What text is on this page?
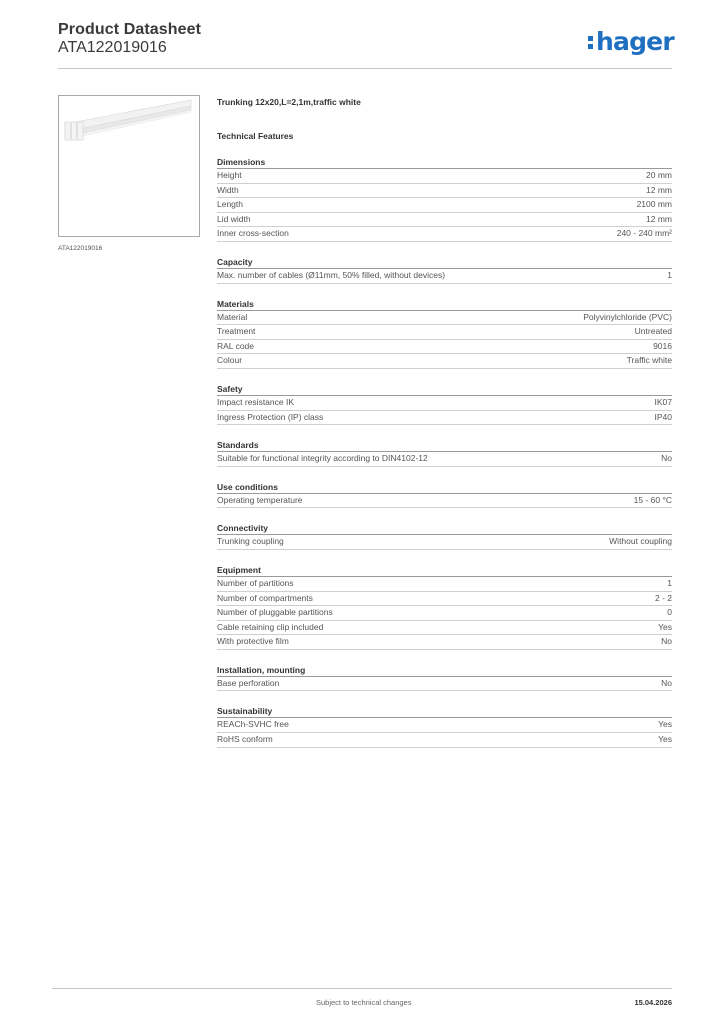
Product Datasheet
ATA122019016	hager
ATA122019016
Trunking 12x20,L=2,1m,traffic white
Technical Features
Dimensions
Height	20 mm
Width	12 mm
Length	2100 mm
Lid width	12 mm
Inner cross-section	240 - 240 mm²
Capacity
Max. number of cables (Ø11mm, 50% filled, without devices)	1
Materials
Material	Polyvinylchloride (PVC)
Treatment	Untreated
RAL code	9016
Colour	Traffic white
Safety
Impact resistance IK	IK07
Ingress Protection (IP) class	IP40
Standards
Suitable for functional integrity according to DIN4102-12	No
Use conditions
Operating temperature	15 - 60 °C
Connectivity
Trunking coupling	Without coupling
Equipment
Number of partitions	1
Number of compartments	2 - 2
Number of pluggable partitions	0
Cable retaining clip included	Yes
With protective film	No
Installation, mounting
Base perforation	No
Sustainability
REACh-SVHC free	Yes
RoHS conform	Yes
Subject to technical changes	15.04.2026
